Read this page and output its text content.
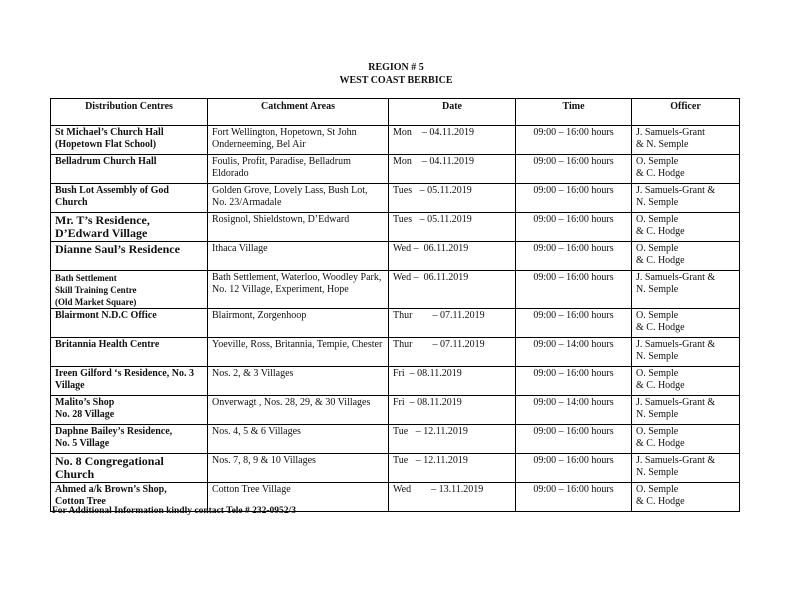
REGION # 5
WEST COAST BERBICE
Distribution Centres	Catchment Areas	Date	Time	Officer
St Michael’s Church Hall
(Hopetown Flat School)	Fort Wellington, Hopetown, St John Onderneeming, Bel Air	Mon    – 04.11.2019	09:00 – 16:00 hours	J. Samuels-Grant
& N. Semple
Belladrum Church Hall	Foulis, Profit, Paradise, Belladrum Eldorado	Mon    – 04.11.2019	09:00 – 16:00 hours	O. Semple
& C. Hodge
Bush Lot Assembly of God Church	Golden Grove, Lovely Lass, Bush Lot, No. 23/Armadale	Tues   – 05.11.2019	09:00 – 16:00 hours	J. Samuels-Grant &
N. Semple
Mr. T’s Residence,
D’Edward Village	Rosignol, Shieldstown, D’Edward	Tues   – 05.11.2019	09:00 – 16:00 hours	O. Semple
& C. Hodge
Dianne Saul’s Residence	Ithaca Village	Wed –  06.11.2019	09:00 – 16:00 hours	O. Semple
& C. Hodge
Bath Settlement
Skill Training Centre
(Old Market Square)	Bath Settlement, Waterloo, Woodley Park, No. 12 Village, Experiment, Hope	Wed –  06.11.2019	09:00 – 16:00 hours	J. Samuels-Grant &
N. Semple
Blairmont N.D.C Office	Blairmont, Zorgenhoop	Thur        – 07.11.2019	09:00 – 16:00 hours	O. Semple
& C. Hodge
Britannia Health Centre	Yoeville, Ross, Britannia, Tempie, Chester	Thur        – 07.11.2019	09:00 – 14:00 hours	J. Samuels-Grant &
N. Semple
Ireen Gilford ‘s Residence, No. 3 Village	Nos. 2, & 3 Villages	Fri  – 08.11.2019	09:00 – 16:00 hours	O. Semple
& C. Hodge
Malito’s Shop
No. 28 Village	Onverwagt , Nos. 28, 29, & 30 Villages	Fri  – 08.11.2019	09:00 – 14:00 hours	J. Samuels-Grant &
N. Semple
Daphne Bailey’s Residence,
No. 5 Village	Nos. 4, 5 & 6 Villages	Tue   – 12.11.2019	09:00 – 16:00 hours	O. Semple
& C. Hodge
No. 8 Congregational
Church	Nos. 7, 8, 9 & 10 Villages	Tue   – 12.11.2019	09:00 – 16:00 hours	J. Samuels-Grant &
N. Semple
Ahmed a/k Brown’s Shop,
Cotton Tree	Cotton Tree Village	Wed        – 13.11.2019	09:00 – 16:00 hours	O. Semple
& C. Hodge
For Additional Information kindly contact Tele # 232-0952/3
